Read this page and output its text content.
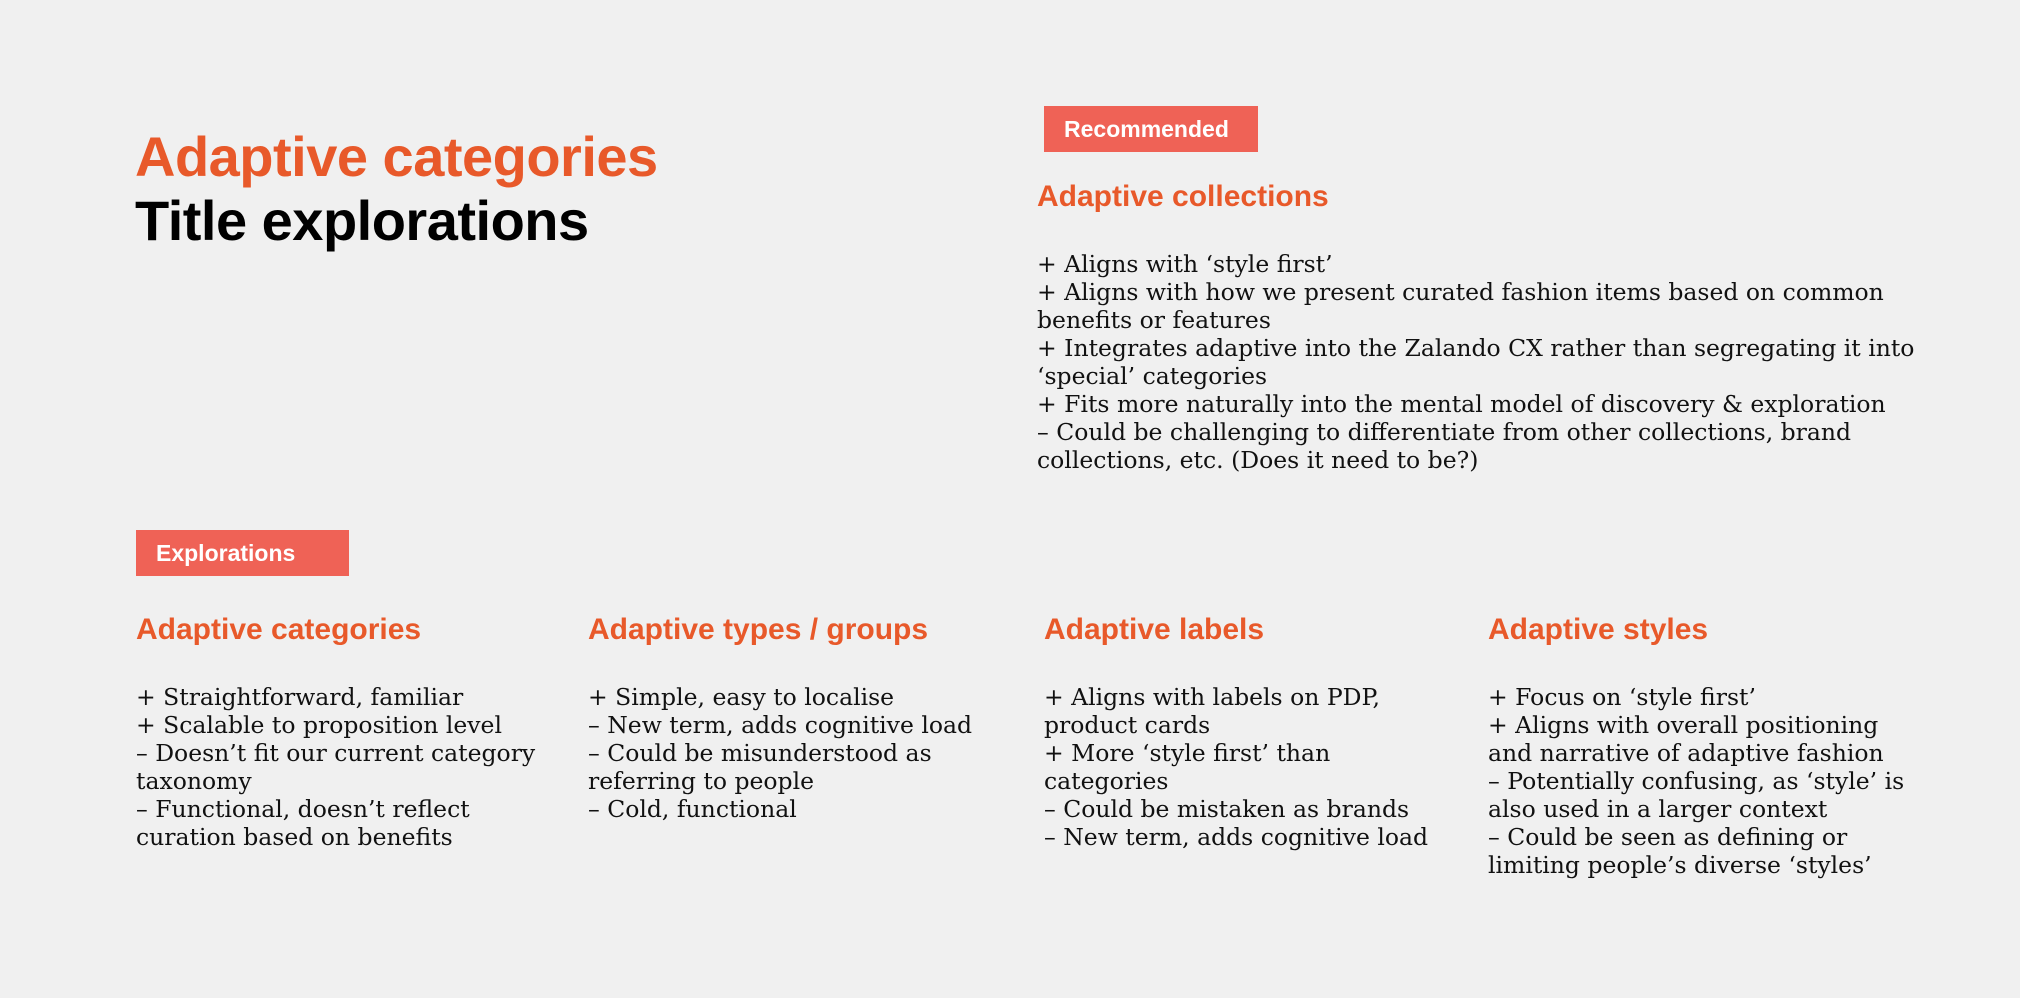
Adaptive categories
Title explorations
Recommended
Adaptive collections
+ Aligns with ‘style first’
+ Aligns with how we present curated fashion items based on common benefits or features
+ Integrates adaptive into the Zalando CX rather than segregating it into ‘special’ categories
+ Fits more naturally into the mental model of discovery & exploration
– Could be challenging to differentiate from other collections, brand collections, etc. (Does it need to be?)
Explorations
Adaptive categories
+ Straightforward, familiar
+ Scalable to proposition level
– Doesn’t fit our current category taxonomy
– Functional, doesn’t reflect curation based on benefits
Adaptive types / groups
+ Simple, easy to localise
– New term, adds cognitive load
– Could be misunderstood as referring to people
– Cold, functional
Adaptive labels
+ Aligns with labels on PDP, product cards
+ More ‘style first’ than categories
– Could be mistaken as brands
– New term, adds cognitive load
Adaptive styles
+ Focus on ‘style first’
+ Aligns with overall positioning and narrative of adaptive fashion
– Potentially confusing, as ‘style’ is also used in a larger context
– Could be seen as defining or limiting people’s diverse ‘styles’
